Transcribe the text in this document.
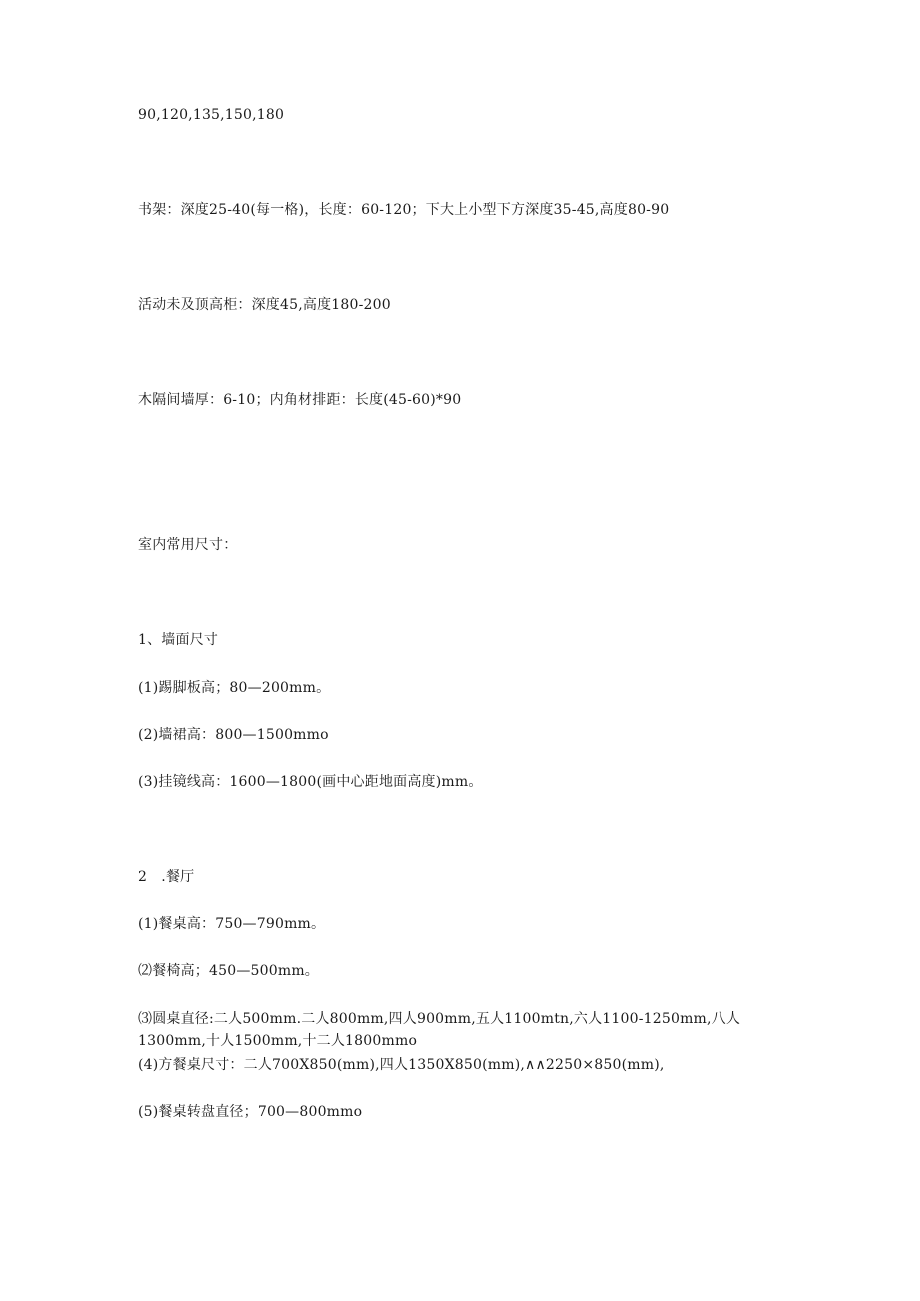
90,120,135,150,180
书架：深度25-40(每一格)，长度：60-120；下大上小型下方深度35-45,高度80-90
活动未及顶高柜：深度45,高度180-200
木隔间墙厚：6-10；内角材排距：长度(45-60)*90
室内常用尺寸：
1、墙面尺寸
(1)踢脚板高；80—200mm。
(2)墙裙高：800—1500mmo
(3)挂镜线高：1600—1800(画中心距地面高度)mm。
2　.餐厅
(1)餐桌高：750—790mm。
⑵餐椅高；450—500mm。
⑶圆桌直径:二人500mm.二人800mm,四人900mm,五人1100mtn,六人1100-1250mm,八人1300mm,十人1500mm,十二人1800mmo
(4)方餐桌尺寸：二人700X850(mm),四人1350X850(mm),∧∧2250×850(mm),
(5)餐桌转盘直径；700—800mmo
